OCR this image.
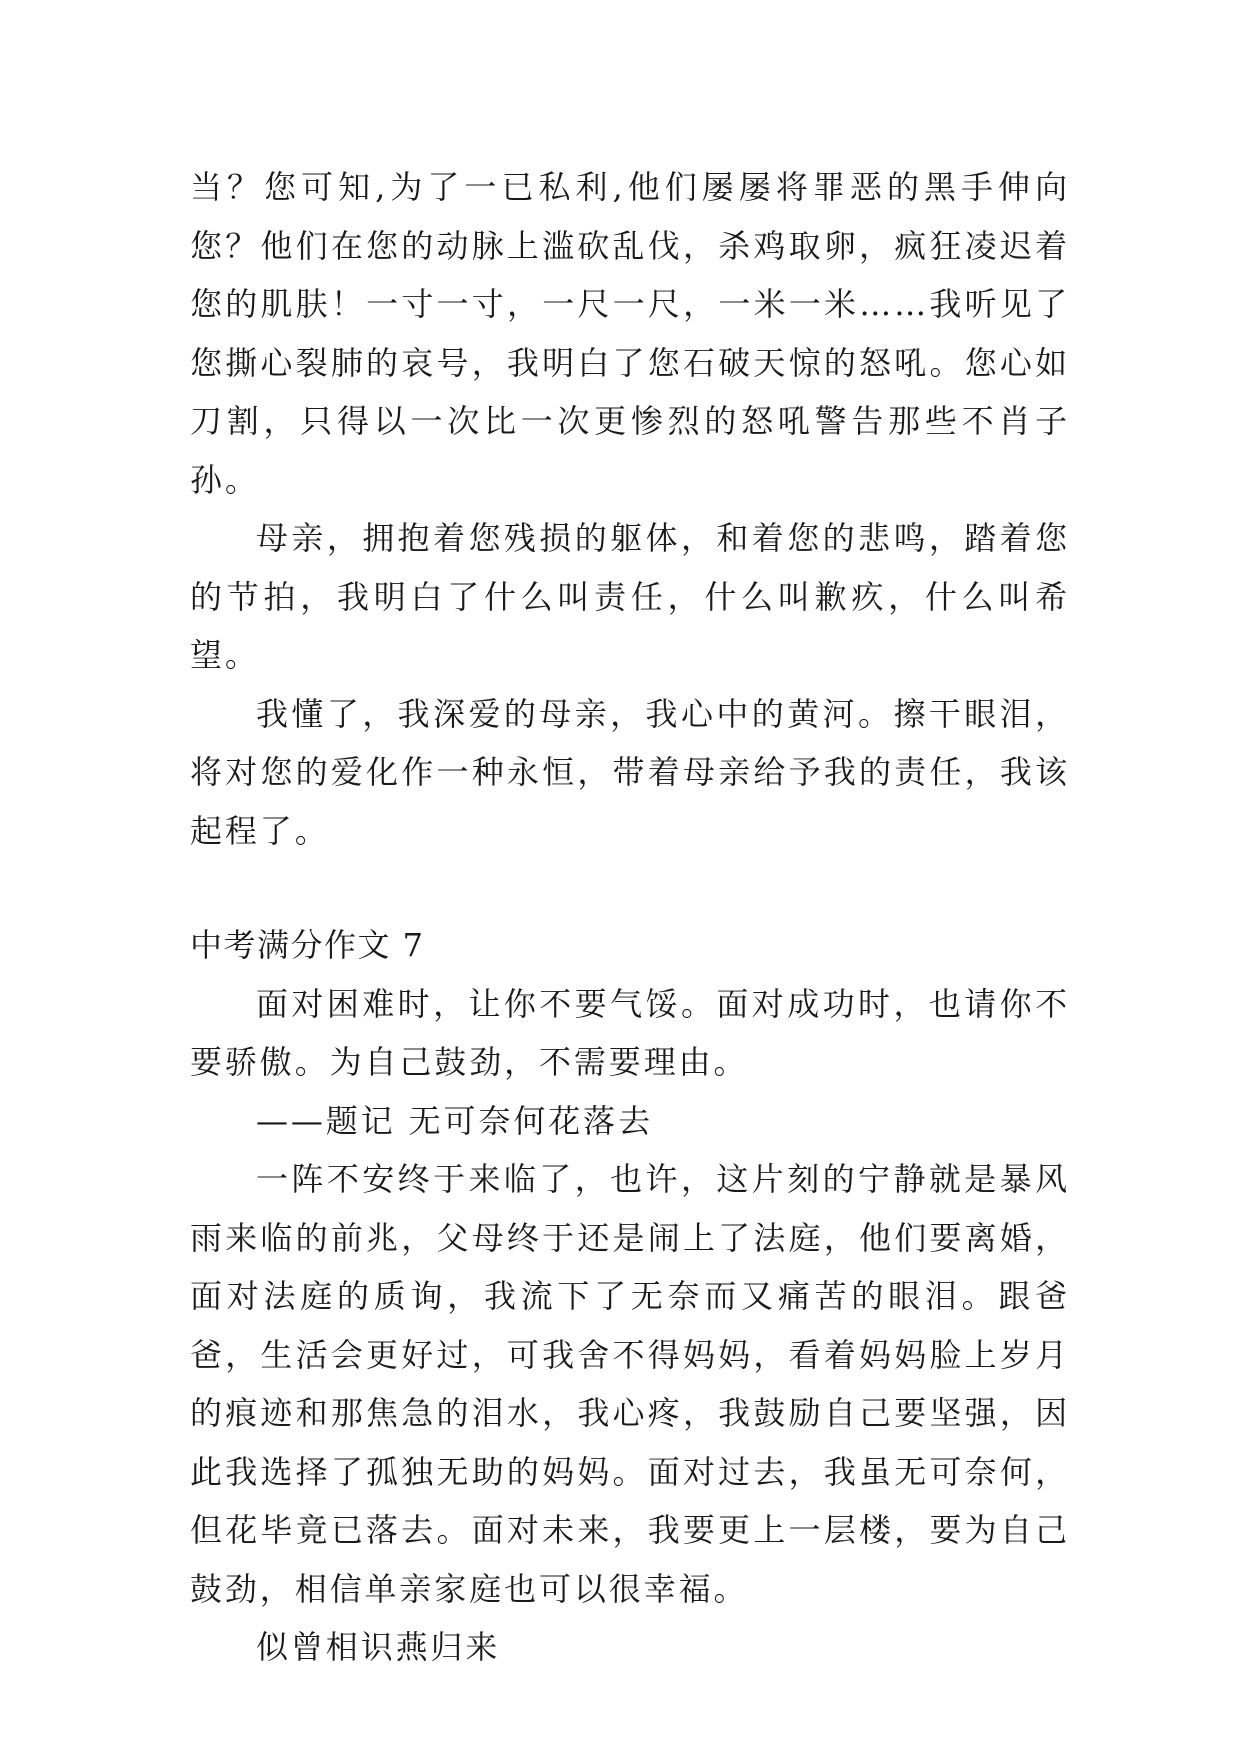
当？您可知,为了一已私利,他们屡屡将罪恶的黑手伸向您？他们在您的动脉上滥砍乱伐，杀鸡取卵，疯狂凌迟着您的肌肤！一寸一寸，一尺一尺，一米一米……我听见了您撕心裂肺的哀号，我明白了您石破天惊的怒吼。您心如刀割，只得以一次比一次更惨烈的怒吼警告那些不肖子孙。

母亲，拥抱着您残损的躯体，和着您的悲鸣，踏着您的节拍，我明白了什么叫责任，什么叫歉疚，什么叫希望。

我懂了，我深爱的母亲，我心中的黄河。擦干眼泪，将对您的爱化作一种永恒，带着母亲给予我的责任，我该起程了。

中考满分作文 7

面对困难时，让你不要气馁。面对成功时，也请你不要骄傲。为自己鼓劲，不需要理由。

——题记 无可奈何花落去

一阵不安终于来临了，也许，这片刻的宁静就是暴风雨来临的前兆，父母终于还是闹上了法庭，他们要离婚，面对法庭的质询，我流下了无奈而又痛苦的眼泪。跟爸爸，生活会更好过，可我舍不得妈妈，看着妈妈脸上岁月的痕迹和那焦急的泪水，我心疼，我鼓励自己要坚强，因此我选择了孤独无助的妈妈。面对过去，我虽无可奈何，但花毕竟已落去。面对未来，我要更上一层楼，要为自己鼓劲，相信单亲家庭也可以很幸福。

似曾相识燕归来
